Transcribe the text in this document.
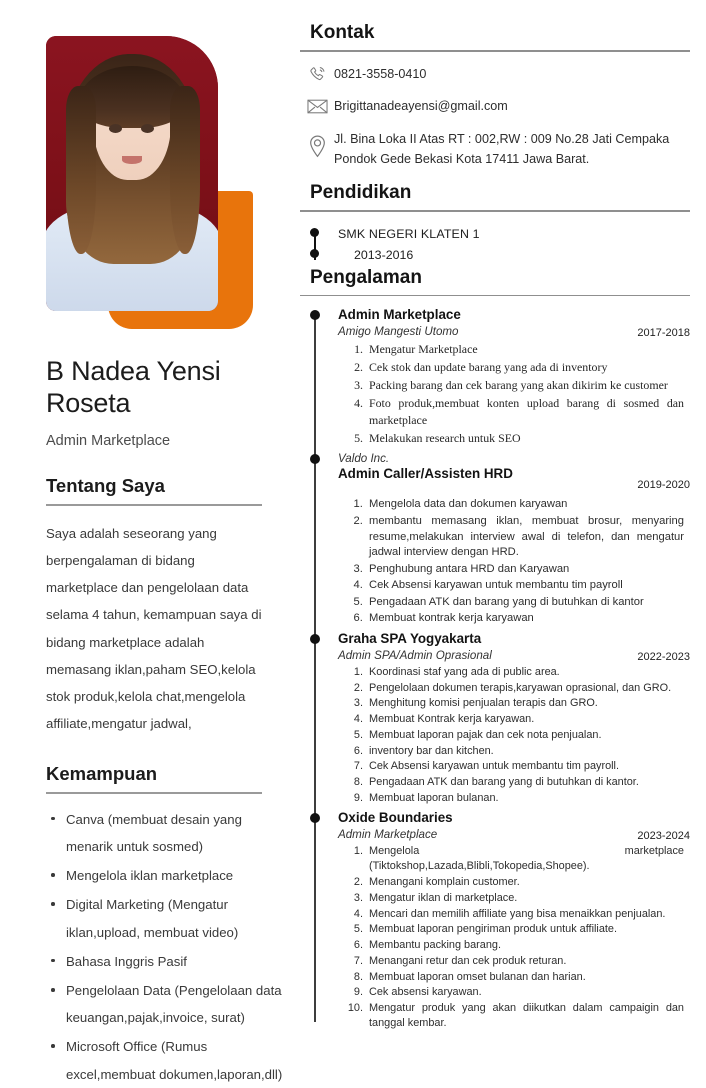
B Nadea Yensi Roseta
Admin Marketplace
Tentang Saya
Saya adalah seseorang yang berpengalaman di bidang marketplace dan pengelolaan data selama 4 tahun, kemampuan saya di bidang marketplace adalah memasang iklan,paham SEO,kelola stok produk,kelola chat,mengelola affiliate,mengatur jadwal,
Kemampuan
Canva (membuat desain yang menarik untuk sosmed)
Mengelola iklan marketplace
Digital Marketing (Mengatur iklan,upload, membuat video)
Bahasa Inggris Pasif
Pengelolaan Data (Pengelolaan data keuangan,pajak,invoice, surat)
Microsoft Office (Rumus excel,membuat dokumen,laporan,dll)
Kontak
0821-3558-0410
Brigittanadeayensi@gmail.com
Jl. Bina Loka II Atas RT : 002,RW : 009 No.28 Jati Cempaka Pondok Gede Bekasi Kota 17411 Jawa Barat.
Pendidikan
SMK NEGERI KLATEN 1
2013-2016
Pengalaman
Admin Marketplace
Amigo Mangesti Utomo	2017-2018
1. Mengatur Marketplace
2. Cek stok dan update barang yang ada di inventory
3. Packing barang dan cek barang yang akan dikirim ke customer
4. Foto produk,membuat konten upload barang di sosmed dan marketplace
5. Melakukan research untuk SEO
Valdo Inc.
Admin Caller/Assisten HRD
2019-2020
1. Mengelola data dan dokumen karyawan
2. membantu memasang iklan, membuat brosur, menyaring resume,melakukan interview awal di telefon, dan mengatur jadwal interview dengan HRD.
3. Penghubung antara HRD dan Karyawan
4. Cek Absensi karyawan untuk membantu tim payroll
5. Pengadaan ATK dan barang yang di butuhkan di kantor
6. Membuat kontrak kerja karyawan
Graha SPA Yogyakarta
Admin SPA/Admin Oprasional	2022-2023
1. Koordinasi staf yang ada di public area.
2. Pengelolaan dokumen terapis,karyawan oprasional, dan GRO.
3. Menghitung komisi penjualan terapis dan GRO.
4. Membuat Kontrak kerja karyawan.
5. Membuat laporan pajak dan cek nota penjualan.
6. inventory bar dan kitchen.
7. Cek Absensi karyawan untuk membantu tim payroll.
8. Pengadaan ATK dan barang yang di butuhkan di kantor.
9. Membuat laporan bulanan.
Oxide Boundaries
Admin Marketplace	2023-2024
1. Mengelola marketplace (Tiktokshop,Lazada,Blibli,Tokopedia,Shopee).
2. Menangani komplain customer.
3. Mengatur iklan di marketplace.
4. Mencari dan memilih affiliate yang bisa menaikkan penjualan.
5. Membuat laporan pengiriman produk untuk affiliate.
6. Membantu packing barang.
7. Menangani retur dan cek produk returan.
8. Membuat laporan omset bulanan dan harian.
9. Cek absensi karyawan.
10. Mengatur produk yang akan diikutkan dalam campaigin dan tanggal kembar.
